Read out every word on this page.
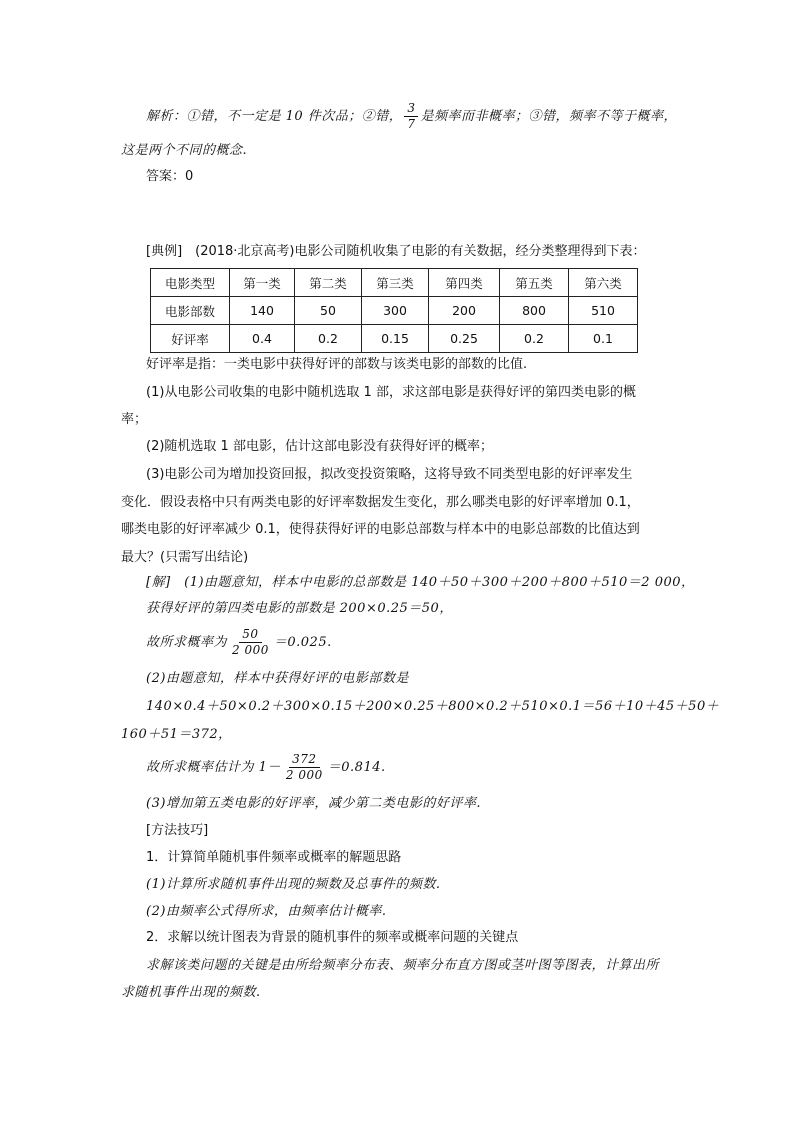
解析：①错，不一定是 10 件次品；②错， $\frac{3}{7}$ 是频率而非概率；③错，频率不等于概率，
这是两个不同的概念.
答案：0
[典例]　(2018·北京高考)电影公司随机收集了电影的有关数据，经分类整理得到下表：
电影类型	第一类	第二类	第三类	第四类	第五类	第六类
电影部数	140	50	300	200	800	510
好评率	0.4	0.2	0.15	0.25	0.2	0.1
好评率是指：一类电影中获得好评的部数与该类电影的部数的比值.
(1)从电影公司收集的电影中随机选取 1 部，求这部电影是获得好评的第四类电影的概
率；
(2)随机选取 1 部电影，估计这部电影没有获得好评的概率；
(3)电影公司为增加投资回报，拟改变投资策略，这将导致不同类型电影的好评率发生
变化．假设表格中只有两类电影的好评率数据发生变化，那么哪类电影的好评率增加 0.1，
哪类电影的好评率减少 0.1，使得获得好评的电影总部数与样本中的电影总部数的比值达到
最大？(只需写出结论)
[解]　(1)由题意知，样本中电影的总部数是 140＋50＋300＋200＋800＋510＝2 000，
获得好评的第四类电影的部数是 200×0.25＝50，
故所求概率为 $\frac{50}{2 000} =0.025$.
(2)由题意知，样本中获得好评的电影部数是
140×0.4＋50×0.2＋300×0.15＋200×0.25＋800×0.2＋510×0.1＝56＋10＋45＋50＋
160＋51＝372，
故所求概率估计为 $1- \frac{372}{2 000} =0.814$.
(3)增加第五类电影的好评率，减少第二类电影的好评率.
[方法技巧]
1．计算简单随机事件频率或概率的解题思路
(1)计算所求随机事件出现的频数及总事件的频数.
(2)由频率公式得所求，由频率估计概率.
2．求解以统计图表为背景的随机事件的频率或概率问题的关键点
求解该类问题的关键是由所给频率分布表、频率分布直方图或茎叶图等图表，计算出所
求随机事件出现的频数.
